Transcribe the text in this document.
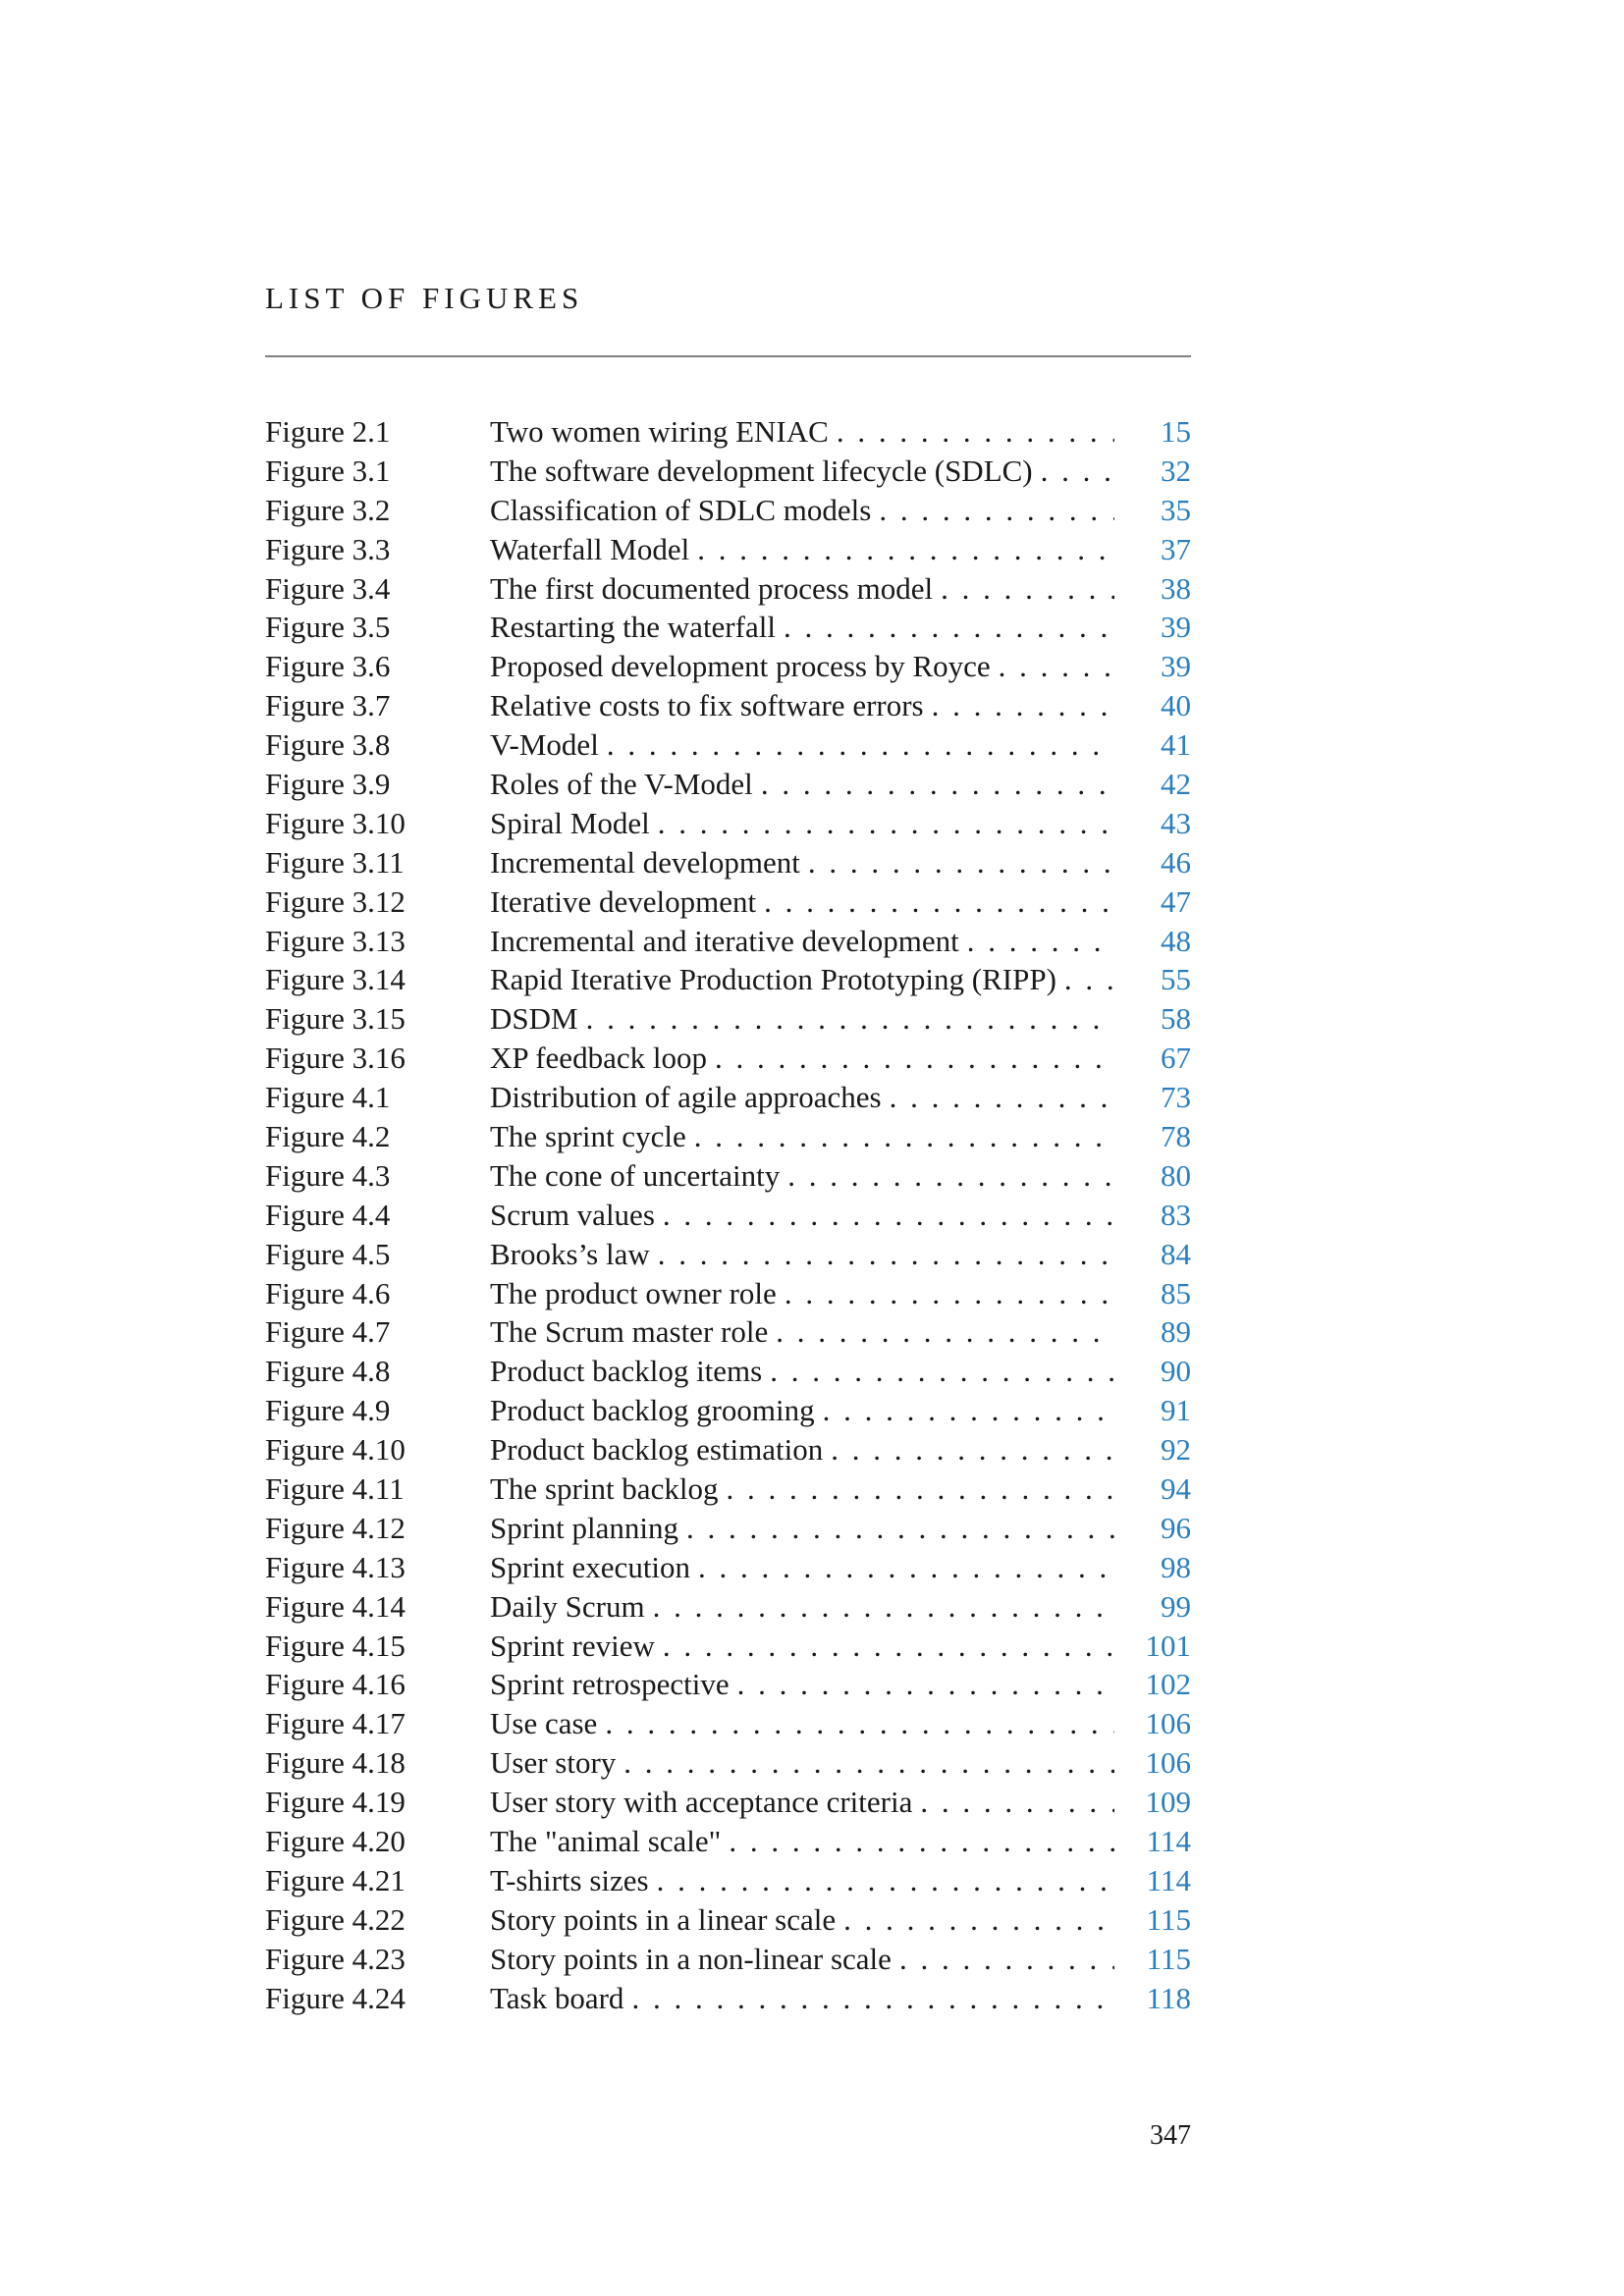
LIST OF FIGURES
Figure 2.1	Two women wiring ENIAC . . .	15
Figure 3.1	The software development lifecycle (SDLC) . . .	32
Figure 3.2	Classification of SDLC models . . .	35
Figure 3.3	Waterfall Model . . .	37
Figure 3.4	The first documented process model . . .	38
Figure 3.5	Restarting the waterfall . . .	39
Figure 3.6	Proposed development process by Royce . . .	39
Figure 3.7	Relative costs to fix software errors . . .	40
Figure 3.8	V-Model . . .	41
Figure 3.9	Roles of the V-Model . . .	42
Figure 3.10	Spiral Model . . .	43
Figure 3.11	Incremental development . . .	46
Figure 3.12	Iterative development . . .	47
Figure 3.13	Incremental and iterative development . . .	48
Figure 3.14	Rapid Iterative Production Prototyping (RIPP) . . .	55
Figure 3.15	DSDM . . .	58
Figure 3.16	XP feedback loop . . .	67
Figure 4.1	Distribution of agile approaches . . .	73
Figure 4.2	The sprint cycle . . .	78
Figure 4.3	The cone of uncertainty . . .	80
Figure 4.4	Scrum values . . .	83
Figure 4.5	Brooks’s law . . .	84
Figure 4.6	The product owner role . . .	85
Figure 4.7	The Scrum master role . . .	89
Figure 4.8	Product backlog items . . .	90
Figure 4.9	Product backlog grooming . . .	91
Figure 4.10	Product backlog estimation . . .	92
Figure 4.11	The sprint backlog . . .	94
Figure 4.12	Sprint planning . . .	96
Figure 4.13	Sprint execution . . .	98
Figure 4.14	Daily Scrum . . .	99
Figure 4.15	Sprint review . . .	101
Figure 4.16	Sprint retrospective . . .	102
Figure 4.17	Use case . . .	106
Figure 4.18	User story . . .	106
Figure 4.19	User story with acceptance criteria . . .	109
Figure 4.20	The "animal scale" . . .	114
Figure 4.21	T-shirts sizes . . .	114
Figure 4.22	Story points in a linear scale . . .	115
Figure 4.23	Story points in a non-linear scale . . .	115
Figure 4.24	Task board . . .	118
347
